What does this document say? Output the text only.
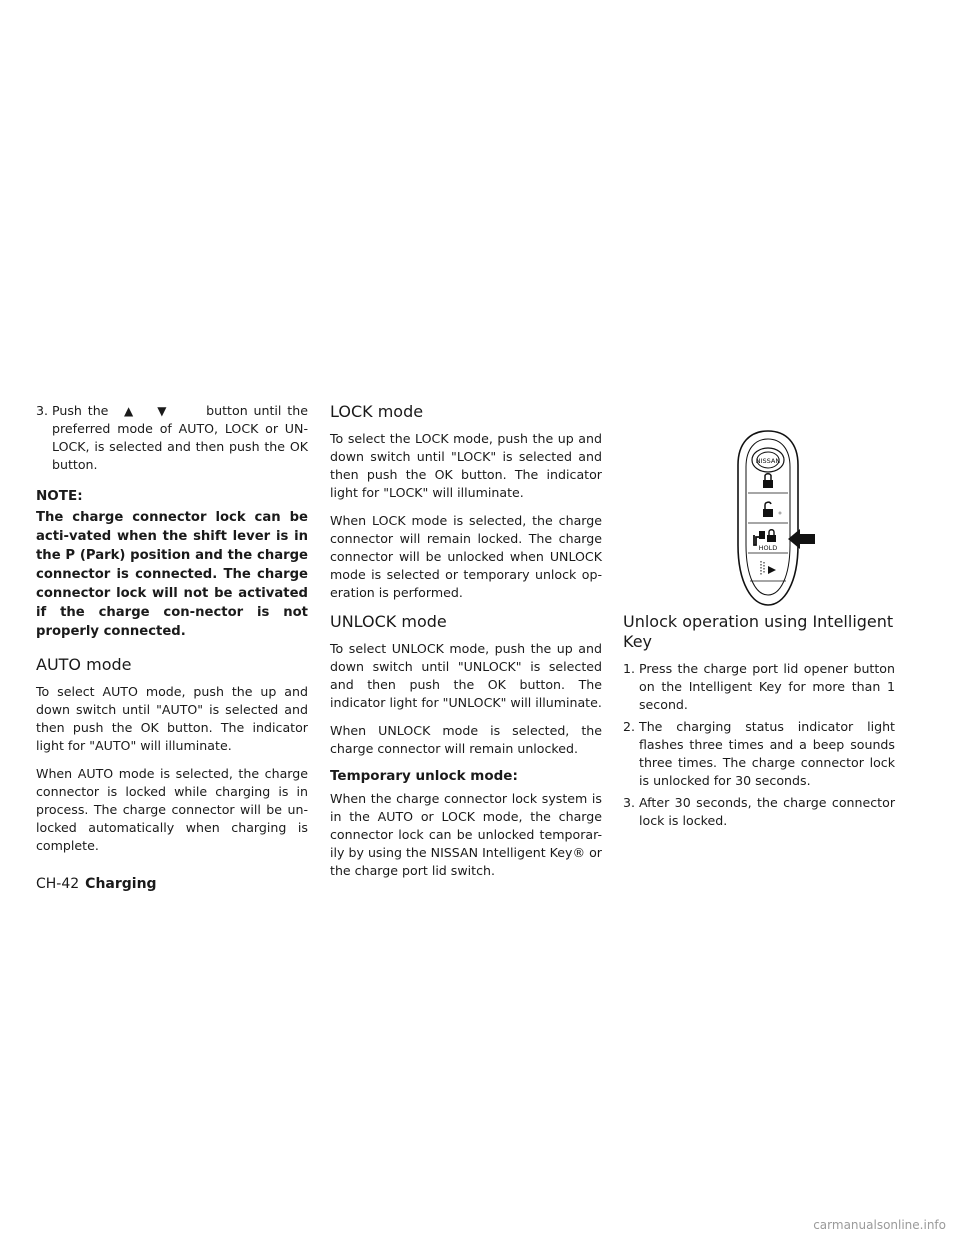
3. Push the ▲▼ button until the preferred mode of AUTO, LOCK or UN-LOCK, is selected and then push the OK button.
NOTE:
The charge connector lock can be acti-vated when the shift lever is in the P (Park) position and the charge connector is connected. The charge connector lock will not be activated if the charge con-nector is not properly connected.
AUTO mode

To select AUTO mode, push the up and down switch until "AUTO" is selected and then push the OK button. The indicator light for "AUTO" will illuminate.

When AUTO mode is selected, the charge connector is locked while charging is in process. The charge connector will be un-locked automatically when charging is complete.

LOCK mode

To select the LOCK mode, push the up and down switch until "LOCK" is selected and then push the OK button. The indicator light for "LOCK" will illuminate.

When LOCK mode is selected, the charge connector will remain locked. The charge connector will be unlocked when UNLOCK mode is selected or temporary unlock op-eration is performed.

UNLOCK mode

To select UNLOCK mode, push the up and down switch until "UNLOCK" is selected and then push the OK button. The indicator light for "UNLOCK" will illuminate.

When UNLOCK mode is selected, the charge connector will remain unlocked.

Temporary unlock mode:

When the charge connector lock system is in the AUTO or LOCK mode, the charge connector lock can be unlocked temporar-ily by using the NISSAN Intelligent Key® or the charge port lid switch.

NISSAN
HOLD
Unlock operation using Intelligent Key
1. Press the charge port lid opener button on the Intelligent Key for more than 1 second.
2. The charging status indicator light flashes three times and a beep sounds three times. The charge connector lock is unlocked for 30 seconds.
3. After 30 seconds, the charge connector lock is locked.
CH-42 Charging
carmanualsonline.info
